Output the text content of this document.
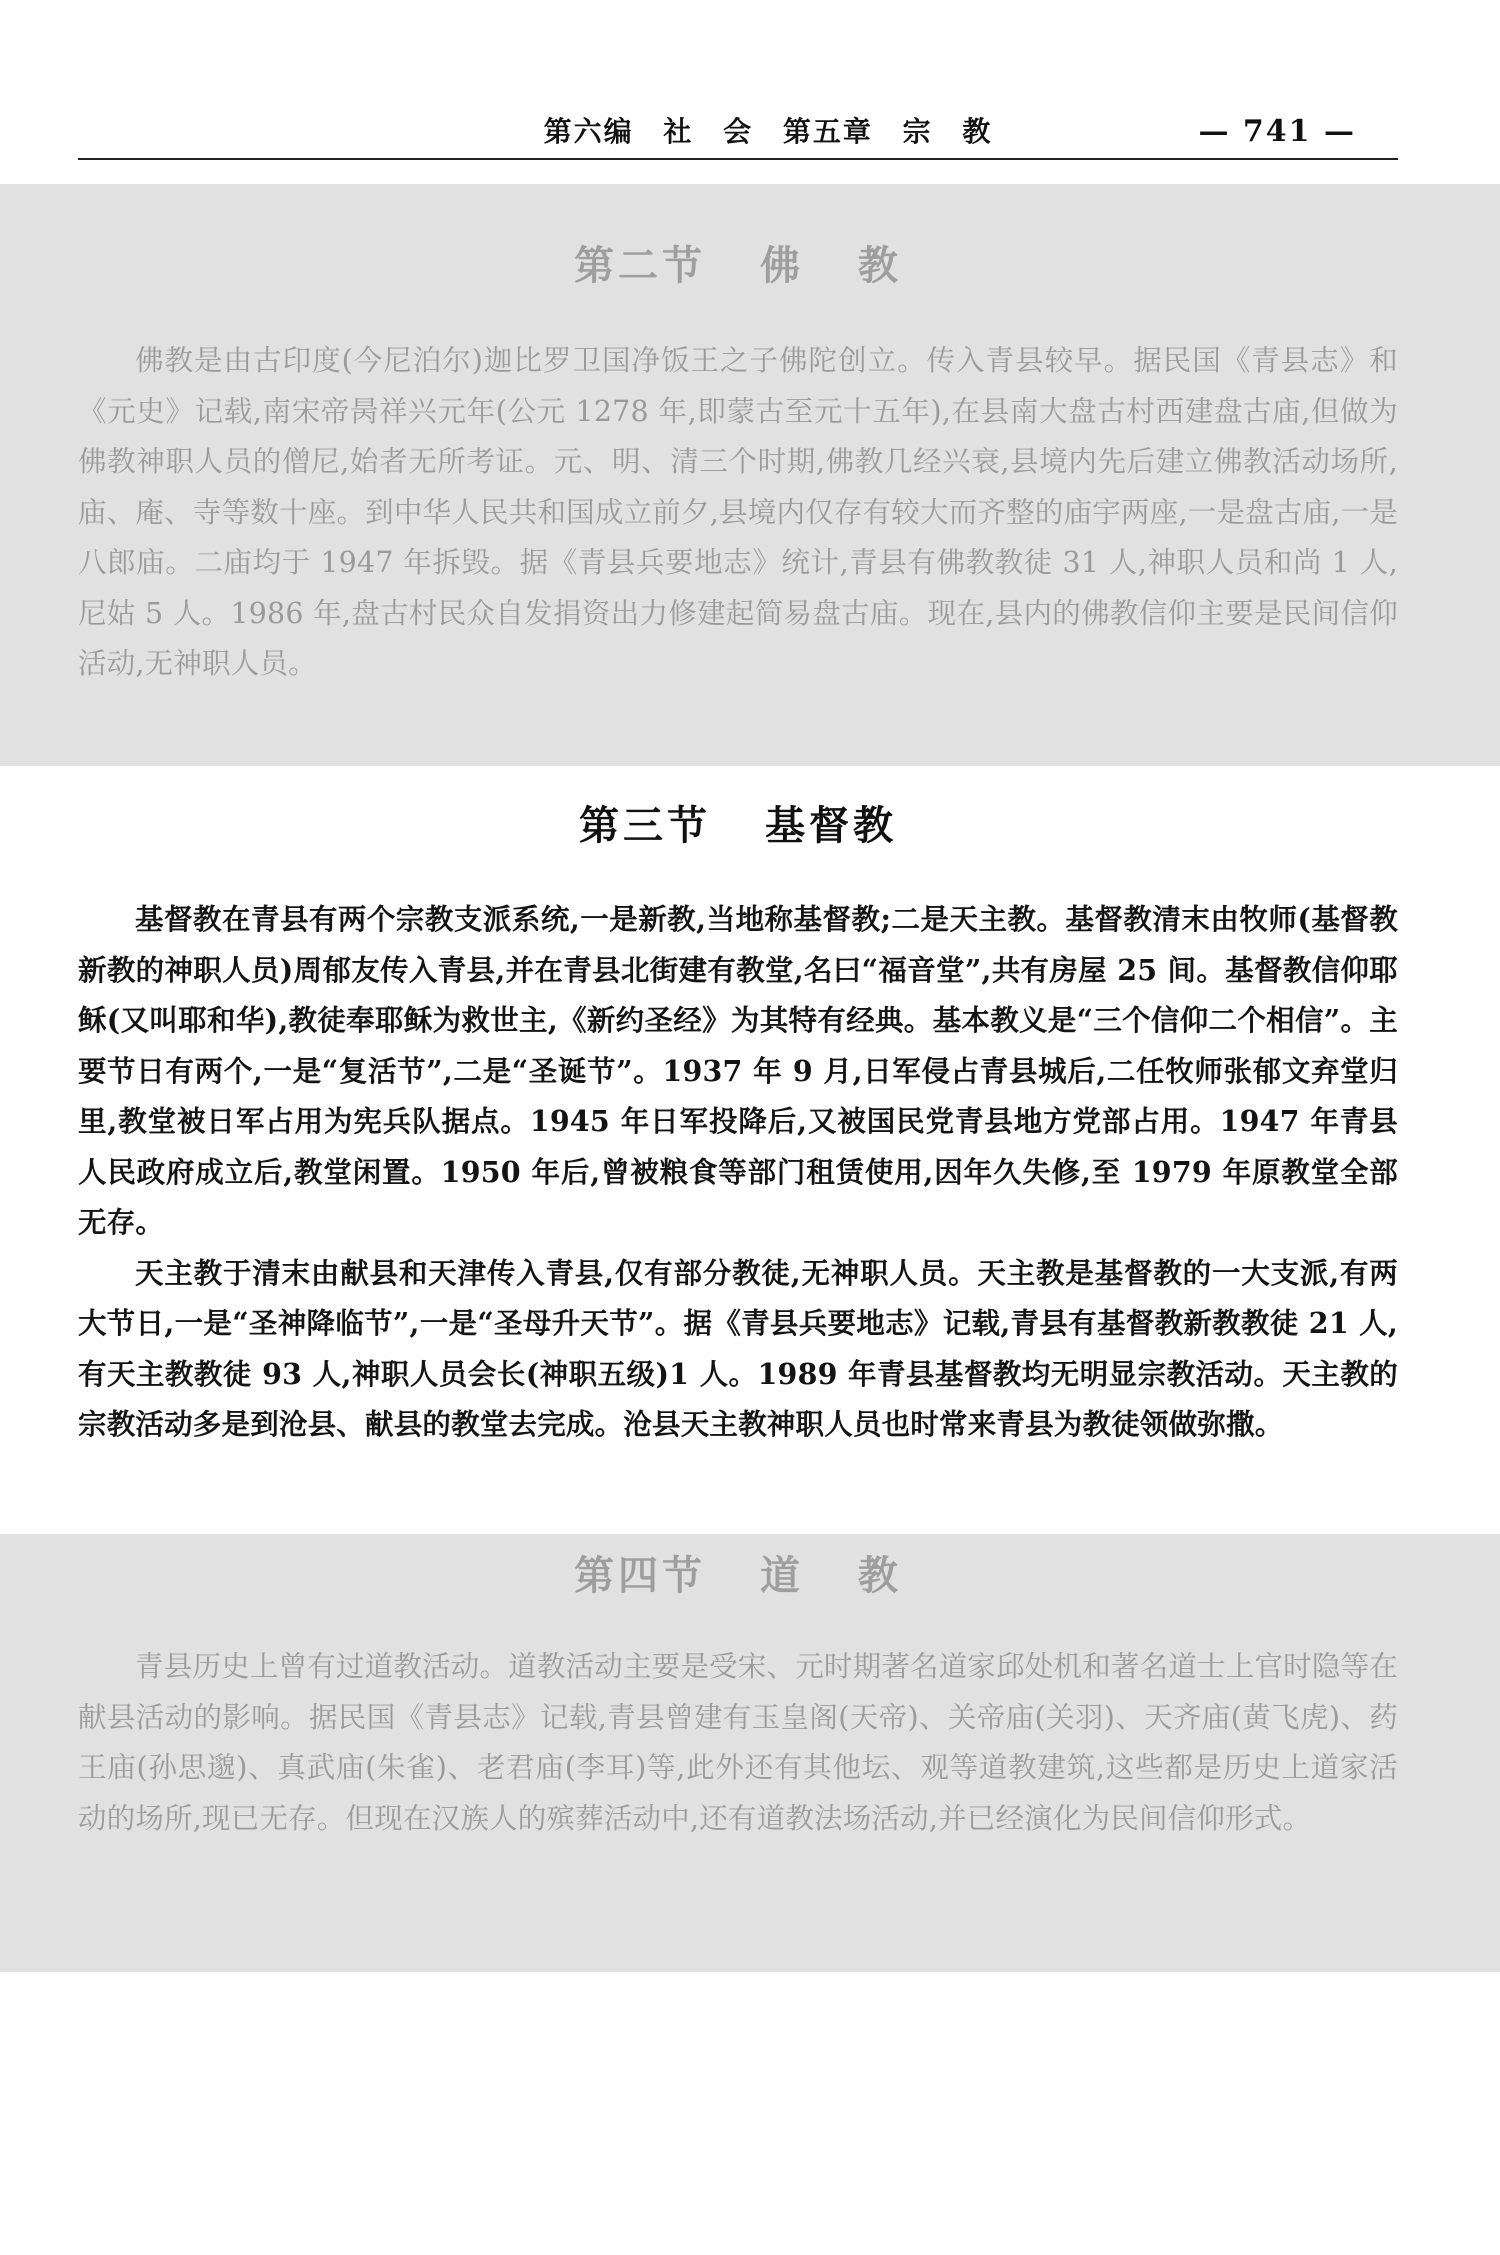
第六编 社 会 第五章 宗 教	— 741 —
第二节 佛 教

佛教是由古印度(今尼泊尔)迦比罗卫国净饭王之子佛陀创立。传入青县较早。据民国《青县志》和《元史》记载,南宋帝昺祥兴元年(公元 1278 年,即蒙古至元十五年),在县南大盘古村西建盘古庙,但做为佛教神职人员的僧尼,始者无所考证。元、明、清三个时期,佛教几经兴衰,县境内先后建立佛教活动场所,庙、庵、寺等数十座。到中华人民共和国成立前夕,县境内仅存有较大而齐整的庙宇两座,一是盘古庙,一是八郎庙。二庙均于 1947 年拆毁。据《青县兵要地志》统计,青县有佛教教徒 31 人,神职人员和尚 1 人,尼姑 5 人。1986 年,盘古村民众自发捐资出力修建起简易盘古庙。现在,县内的佛教信仰主要是民间信仰活动,无神职人员。

第三节 基督教

基督教在青县有两个宗教支派系统,一是新教,当地称基督教;二是天主教。基督教清末由牧师(基督教新教的神职人员)周郁友传入青县,并在青县北街建有教堂,名曰“福音堂”,共有房屋 25 间。基督教信仰耶稣(又叫耶和华),教徒奉耶稣为救世主,《新约圣经》为其特有经典。基本教义是“三个信仰二个相信”。主要节日有两个,一是“复活节”,二是“圣诞节”。1937 年 9 月,日军侵占青县城后,二任牧师张郁文弃堂归里,教堂被日军占用为宪兵队据点。1945 年日军投降后,又被国民党青县地方党部占用。1947 年青县人民政府成立后,教堂闲置。1950 年后,曾被粮食等部门租赁使用,因年久失修,至 1979 年原教堂全部无存。

天主教于清末由献县和天津传入青县,仅有部分教徒,无神职人员。天主教是基督教的一大支派,有两大节日,一是“圣神降临节”,一是“圣母升天节”。据《青县兵要地志》记载,青县有基督教新教教徒 21 人,有天主教教徒 93 人,神职人员会长(神职五级)1 人。1989 年青县基督教均无明显宗教活动。天主教的宗教活动多是到沧县、献县的教堂去完成。沧县天主教神职人员也时常来青县为教徒领做弥撒。

第四节 道 教

青县历史上曾有过道教活动。道教活动主要是受宋、元时期著名道家邱处机和著名道士上官时隐等在献县活动的影响。据民国《青县志》记载,青县曾建有玉皇阁(天帝)、关帝庙(关羽)、天齐庙(黄飞虎)、药王庙(孙思邈)、真武庙(朱雀)、老君庙(李耳)等,此外还有其他坛、观等道教建筑,这些都是历史上道家活动的场所,现已无存。但现在汉族人的殡葬活动中,还有道教法场活动,并已经演化为民间信仰形式。
